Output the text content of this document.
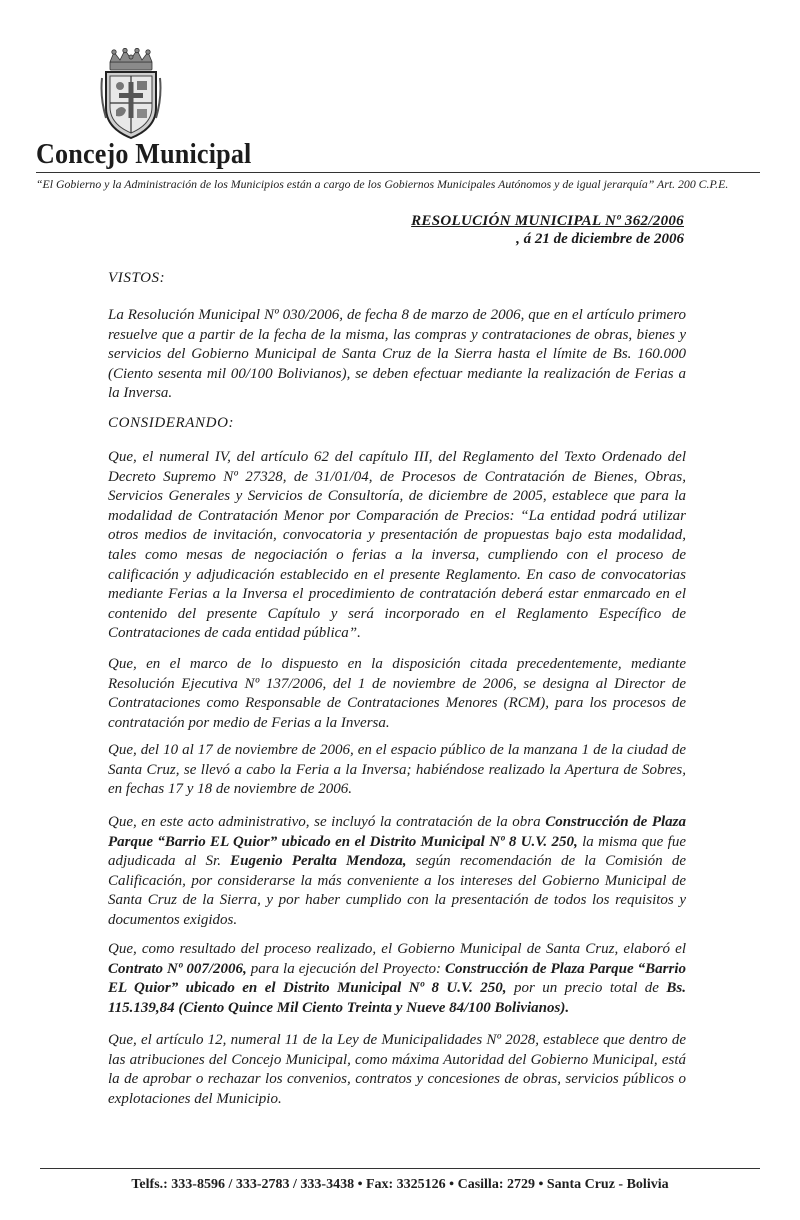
Concejo Municipal
“El Gobierno y la Administración de los Municipios están a cargo de los Gobiernos Municipales Autónomos y de igual jerarquía” Art. 200 C.P.E.
RESOLUCIÓN MUNICIPAL Nº 362/2006
, á 21 de diciembre de 2006
VISTOS:
La Resolución Municipal Nº 030/2006, de fecha 8 de marzo de 2006, que en el artículo primero resuelve que a partir de la fecha de la misma, las compras y contrataciones de obras, bienes y servicios del Gobierno Municipal de Santa Cruz de la Sierra hasta el límite de Bs. 160.000 (Ciento sesenta mil 00/100 Bolivianos), se deben efectuar mediante la realización de Ferias a la Inversa.
CONSIDERANDO:
Que, el numeral IV, del artículo 62 del capítulo III, del Reglamento del Texto Ordenado del Decreto Supremo Nº 27328, de 31/01/04, de Procesos de Contratación de Bienes, Obras, Servicios Generales y Servicios de Consultoría, de diciembre de 2005, establece que para la modalidad de Contratación Menor por Comparación de Precios: “La entidad podrá utilizar otros medios de invitación, convocatoria y presentación de propuestas bajo esta modalidad, tales como mesas de negociación o ferias a la inversa, cumpliendo con el proceso de calificación y adjudicación establecido en el presente Reglamento. En caso de convocatorias mediante Ferias a la Inversa el procedimiento de contratación deberá estar enmarcado en el contenido del presente Capítulo y será incorporado en el Reglamento Específico de Contrataciones de cada entidad pública”.
Que, en el marco de lo dispuesto en la disposición citada precedentemente, mediante Resolución Ejecutiva Nº 137/2006, del 1 de noviembre de 2006, se designa al Director de Contrataciones como Responsable de Contrataciones Menores (RCM), para los procesos de contratación por medio de Ferias a la Inversa.
Que, del 10 al 17 de noviembre de 2006, en el espacio público de la manzana 1 de la ciudad de Santa Cruz, se llevó a cabo la Feria a la Inversa; habiéndose realizado la Apertura de Sobres, en fechas 17 y 18 de noviembre de 2006.
Que, en este acto administrativo, se incluyó la contratación de la obra Construcción de Plaza Parque “Barrio EL Quior” ubicado en el Distrito Municipal Nº 8 U.V. 250, la misma que fue adjudicada al Sr. Eugenio Peralta Mendoza, según recomendación de la Comisión de Calificación, por considerarse la más conveniente a los intereses del Gobierno Municipal de Santa Cruz de la Sierra, y por haber cumplido con la presentación de todos los requisitos y documentos exigidos.
Que, como resultado del proceso realizado, el Gobierno Municipal de Santa Cruz, elaboró el Contrato Nº 007/2006, para la ejecución del Proyecto: Construcción de Plaza Parque “Barrio EL Quior” ubicado en el Distrito Municipal Nº 8 U.V. 250, por un precio total de Bs. 115.139,84 (Ciento Quince Mil Ciento Treinta y Nueve 84/100 Bolivianos).
Que, el artículo 12, numeral 11 de la Ley de Municipalidades Nº 2028, establece que dentro de las atribuciones del Concejo Municipal, como máxima Autoridad del Gobierno Municipal, está la de aprobar o rechazar los convenios, contratos y concesiones de obras, servicios públicos o explotaciones del Municipio.
Telfs.: 333-8596 / 333-2783 / 333-3438 • Fax: 3325126 • Casilla: 2729 • Santa Cruz - Bolivia
